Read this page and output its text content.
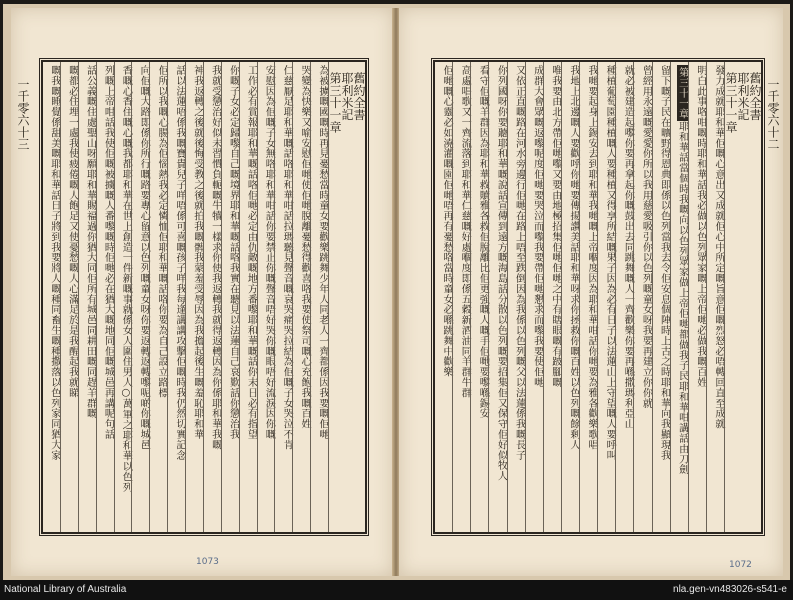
舊約全書
耶利米記
第三十一章
為被擄嘅國嘅時再見憂愁當時童女要歡樂跳舞少年人同老人一齊都係因我要嘅佢哋
哭變為快樂又喻安慰佢哋使佢哋脫離憂愁得歡喜咯我要使祭司嘅心充飽我嘅百姓
仁慈厭足耶和華嘅話咯耶和華咁話拉瑪聽見聲音嘅哀哭痛哭拉結為佢嘅子女哭泣不肯
安慰因為佢嘅子女無咯耶和華咁話你要禁止你嘅聲音唔好哭你嘅眼唔好流淚因你嘅
工作必有賞報耶和華嘅話咯佢哋必定由仇敵嘅地方番嚟耶和華嘅話你末日必有指望
你嘅子女必定歸嚟自己嘅境界耶和華嘅話咯我實在聽見以法蓮自己哀歎話你懲治我
我就受懲治好似未習慣負軛嘅牛犢一樣求你使我返轉我就得返轉因為你係耶和華我嘅
神我返轉之後就後悔受教之後就拍我嘅髀我蒙羞受辱因為我擔起後生嘅羞恥耶和華
話以法蓮唔係我嘅寶貴兒子咩唔係可喜嘅孩子咩我每逢講講攻擊佢嘅時我仍然切實記念
佢所以我嘅心腸為佢惱熱我必定憐恤佢耶和華嘅話咯你要為自己設立路標
向佢嘅大路即係你所行嘅路要專心留意以色列嘅童女呀你要返轉返轉嚟呢啲你嘅城邑
香嘅心香住嘅心嘅我都耶和華在世上創造一件新嘅事就係女人圍住男人○萬軍之耶和華以色列
列嘅上帝咁話我使佢嘅被擄嘅人番嚟嘅時佢哋必在猶大嘅地同佢嘅城邑再講呢句話
話公義嘅住處聖山呀願耶和華賜福過你猶大同佢所有城邑同耕田嘅同趕羊群嘅
嘅都必住埋一處我使疲倦嘅人飽足又使憂愁嘅人心滿足於是我醒起我就睇
嘅我嘅睡覺係甜美嘅耶和華話日子將到我要將人嘅種同畜生嘅種撒落以色列家同猶大家
一千零六十三
1073
舊約全書
耶利米記
第三十一章
發力成就耶和華佢嘅心意出又成就佢心中所定嘅旨意佢嘅烈怒必唔轉回直至成就
明白此事咯咁嘅時耶和華話我必做以色列眾家嘅上帝佢哋必做我嘅百姓
第三十一章耶和華話當個時我嘅向以色列眾家做上帝佢哋都做我子民耶和華咁講話由刀劍
留下嘅子民在曠野得恩典即係以色列當我去令佢安息個陣時上古之時耶和華向我顯現我
曾經用永遠嘅愛愛你所以我用慈愛吸引你以色列嘅童女呀我要再建立你你就
就必被建造起嚟你要再拿起你嘅鼓出去同跳舞嘅人一齊歡樂你要再喺撒瑪利亞山
種植葡萄園種植嘅人要種植又得享所結嘅果子因為必有日子以法蓮山上守望嘅人要呼叫
我哋要起身上錫安去到耶和華我哋嘅上帝嗰度因為耶和華咁話你哋要為雅各歡樂歌唱
我地上北邊嘅人要歡呼你哋要傳揚讚美話耶和華呀求你拯救你嘅百姓以色列嘅餘剩人
唯我要由北方帶佢哋嚟又要由地極招集佢哋佢哋之中有瞎眼嘅有跛腳嘅
成群大會眾嘅返嚟呢度佢哋要哭泣而嚟我要帶佢哋懇求而嚟我要使佢哋
又依正直嘅路在河水旁邊行佢哋在路上唔至跌倒因為我係以色列嘅父以法蓮係我嘅長子
你列國呀你要聽耶和華嘅說話宣傳到遠方嘅海島話分散以色列嘅要招集佢又保守佢好似牧人
看守佢嘅羊群因為耶和華救贖雅各救佢脫離比佢更強嘅人嘅手佢哋要嚟喺錫安
高處唱歌又一齊流落到耶和華仁慈嘅好處嗰度即係五穀新酒油同羊群牛群
佢哋嘅心靈必如澆灌嘅園佢哋唔再有憂愁咯當時童女必喺跳舞中歡樂	一千零六十二
1072
National Library of Australia	nla.gen-vn483026-s541-e
